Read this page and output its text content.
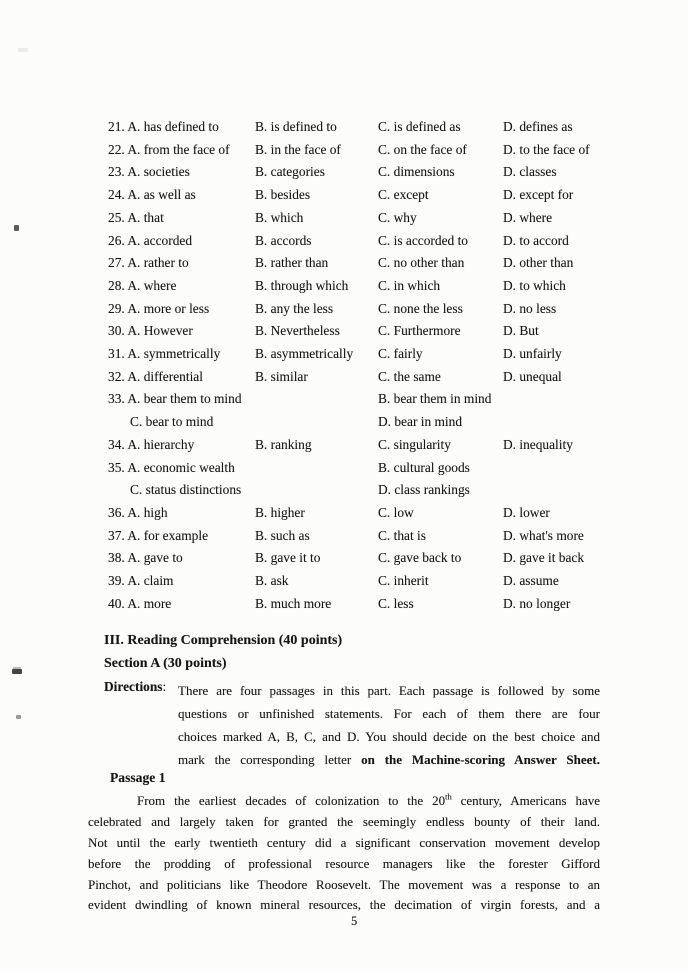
21. A. has defined to	B. is defined to	C. is defined as	D. defines as
22. A. from the face of	B. in the face of	C. on the face of	D. to the face of
23. A. societies	B. categories	C. dimensions	D. classes
24. A. as well as	B. besides	C. except	D. except for
25. A. that	B. which	C. why	D. where
26. A. accorded	B. accords	C. is accorded to	D. to accord
27. A. rather to	B. rather than	C. no other than	D. other than
28. A. where	B. through which	C. in which	D. to which
29. A. more or less	B. any the less	C. none the less	D. no less
30. A. However	B. Nevertheless	C. Furthermore	D. But
31. A. symmetrically	B. asymmetrically	C. fairly	D. unfairly
32. A. differential	B. similar	C. the same	D. unequal
33. A. bear them to mind	B. bear them in mind
C. bear to mind	D. bear in mind
34. A. hierarchy	B. ranking	C. singularity	D. inequality
35. A. economic wealth	B. cultural goods
C. status distinctions	D. class rankings
36. A. high	B. higher	C. low	D. lower
37. A. for example	B. such as	C. that is	D. what's more
38. A. gave to	B. gave it to	C. gave back to	D. gave it back
39. A. claim	B. ask	C. inherit	D. assume
40. A. more	B. much more	C. less	D. no longer
III. Reading Comprehension (40 points)
Section A (30 points)
Directions: There are four passages in this part. Each passage is followed by some
questions or unfinished statements. For each of them there are four
choices marked A, B, C, and D. You should decide on the best choice and
mark the corresponding letter on the Machine-scoring Answer Sheet.
Passage 1
From the earliest decades of colonization to the 20th century, Americans have
celebrated and largely taken for granted the seemingly endless bounty of their land.
Not until the early twentieth century did a significant conservation movement develop
before the prodding of professional resource managers like the forester Gifford
Pinchot, and politicians like Theodore Roosevelt. The movement was a response to an
evident dwindling of known mineral resources, the decimation of virgin forests, and a
5
